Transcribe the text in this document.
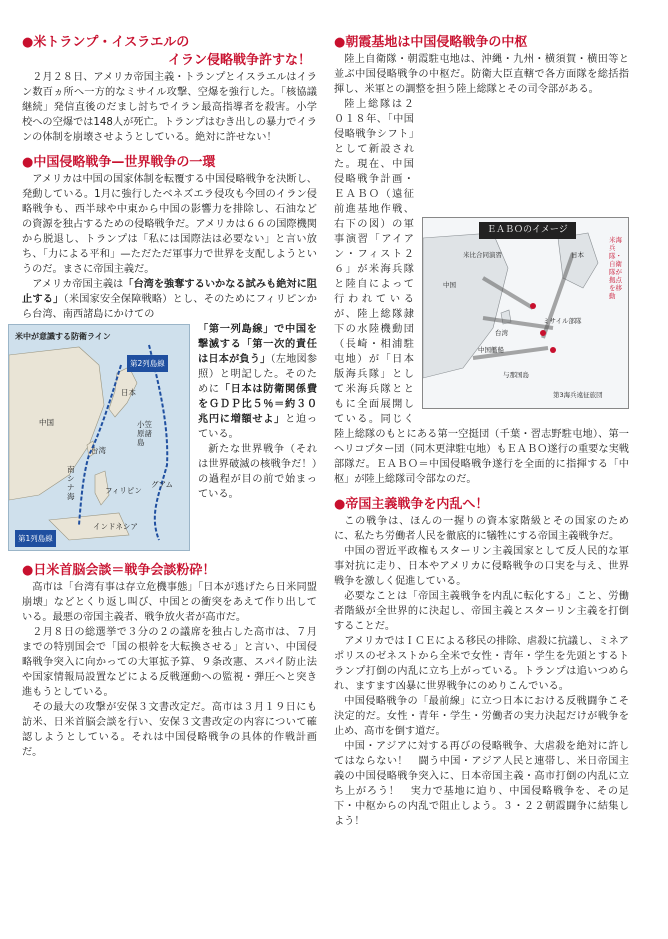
●米トランプ・イスラエルの

イラン侵略戦争許すな！

２月２８日、アメリカ帝国主義・トランプとイスラエルはイラン数百ヵ所へ一方的なミサイル攻撃、空爆を強行した。「核協議継続」発信直後のだまし討ちでイラン最高指導者を殺害。小学校への空爆では148人が死亡。トランプはむき出しの暴力でイランの体制を崩壊させようとしている。絶対に許せない！

●中国侵略戦争—世界戦争の一環

アメリカは中国の国家体制を転覆する中国侵略戦争を決断し、発動している。1月に強行したベネズエラ侵攻も今回のイラン侵略戦争も、西半球や中東から中国の影響力を排除し、石油などの資源を独占するための侵略戦争だ。アメリカは６６の国際機関から脱退し、トランプは「私には国際法は必要ない」と言い放ち、「力による平和」—ただただ軍事力で世界を支配しようというのだ。まさに帝国主義だ。

アメリカ帝国主義は「台湾を強奪するいかなる試みも絶対に阻止する」（米国家安全保障戦略）とし、そのためにフィリピンから台湾、南西諸島にかけての

米中が意識する防衛ライン
第2列島線
第1列島線
中国
日本
台湾
小笠原諸島
南シナ海
フィリピン
グアム
インドネシア

「第一列島線」で中国を撃滅する「第一次的責任は日本が負う」（左地図参照）と明記した。そのために「日本は防衛関係費をＧＤＰ比５％＝約３０兆円に増額せよ」と迫っている。

新たな世界戦争（それは世界破滅の核戦争だ！）の過程が目の前で始まっている。

●日米首脳会談＝戦争会談粉砕！

高市は「台湾有事は存立危機事態」「日本が逃げたら日米同盟崩壊」などとくり返し叫び、中国との衝突をあえて作り出している。最悪の帝国主義者、戦争放火者が高市だ。

２月８日の総選挙で３分の２の議席を独占した高市は、７月までの特別国会で「国の根幹を大転換させる」と言い、中国侵略戦争突入に向かっての大軍拡予算、９条改憲、スパイ防止法や国家情報局設置などによる反戦運動への監視・弾圧へと突き進もうとしている。

その最大の攻撃が安保３文書改定だ。高市は３月１９日にも訪米、日米首脳会談を行い、安保３文書改定の内容について確認しようとしている。それは中国侵略戦争の具体的作戦計画だ。

●朝霞基地は中国侵略戦争の中枢

陸上自衛隊・朝霞駐屯地は、沖縄・九州・横須賀・横田等と並ぶ中国侵略戦争の中枢だ。防衛大臣直轄で各方面隊を総括指揮し、米軍との調整を担う陸上総隊とその司令部がある。

ＥＡＢＯのイメージ
米海兵隊・自衛隊が拠点を移動
中国
日本
台湾
米比合同演習
中国艦船
与那国島
第3海兵遠征旅団
ミサイル部隊

陸上総隊は２０１８年、「中国侵略戦争シフト」として新設された。現在、中国侵略戦争計画・ＥＡＢＯ（遠征前進基地作戦、右下の図）の軍事演習「アイアン・フィスト２６」が米海兵隊と陸自によって行われているが、陸上総隊隷下の水陸機動団（長崎・相浦駐屯地）が「日本版海兵隊」として米海兵隊とともに全面展開している。同じく陸上総隊のもとにある第一空挺団（千葉・習志野駐屯地）、第一ヘリコプター団（同木更津駐屯地）もＥＡＢＯ遂行の重要な実戦部隊だ。ＥＡＢＯ＝中国侵略戦争遂行を全面的に指揮する「中枢」が陸上総隊司令部なのだ。

●帝国主義戦争を内乱へ！

この戦争は、ほんの一握りの資本家階級とその国家のために、私たち労働者人民を徹底的に犠牲にする帝国主義戦争だ。

中国の習近平政権もスターリン主義国家として反人民的な軍事対抗に走り、日本やアメリカに侵略戦争の口実を与え、世界戦争を激しく促進している。

必要なことは「帝国主義戦争を内乱に転化する」こと、労働者階級が全世界的に決起し、帝国主義とスターリン主義を打倒することだ。

アメリカではＩＣＥによる移民の排除、虐殺に抗議し、ミネアポリスのゼネストから全米で女性・青年・学生を先頭とするトランプ打倒の内乱に立ち上がっている。トランプは追いつめられ、ますます凶暴に世界戦争にのめりこんでいる。

中国侵略戦争の「最前線」に立つ日本における反戦闘争こそ決定的だ。女性・青年・学生・労働者の実力決起だけが戦争を止め、高市を倒す道だ。

中国・アジアに対する再びの侵略戦争、大虐殺を絶対に許してはならない！　闘う中国・アジア人民と連帯し、米日帝国主義の中国侵略戦争突入に、日本帝国主義・高市打倒の内乱に立ち上がろう！　実力で基地に迫り、中国侵略戦争を、その足下・中枢からの内乱で阻止しよう。３・２２朝霞闘争に結集しよう！
